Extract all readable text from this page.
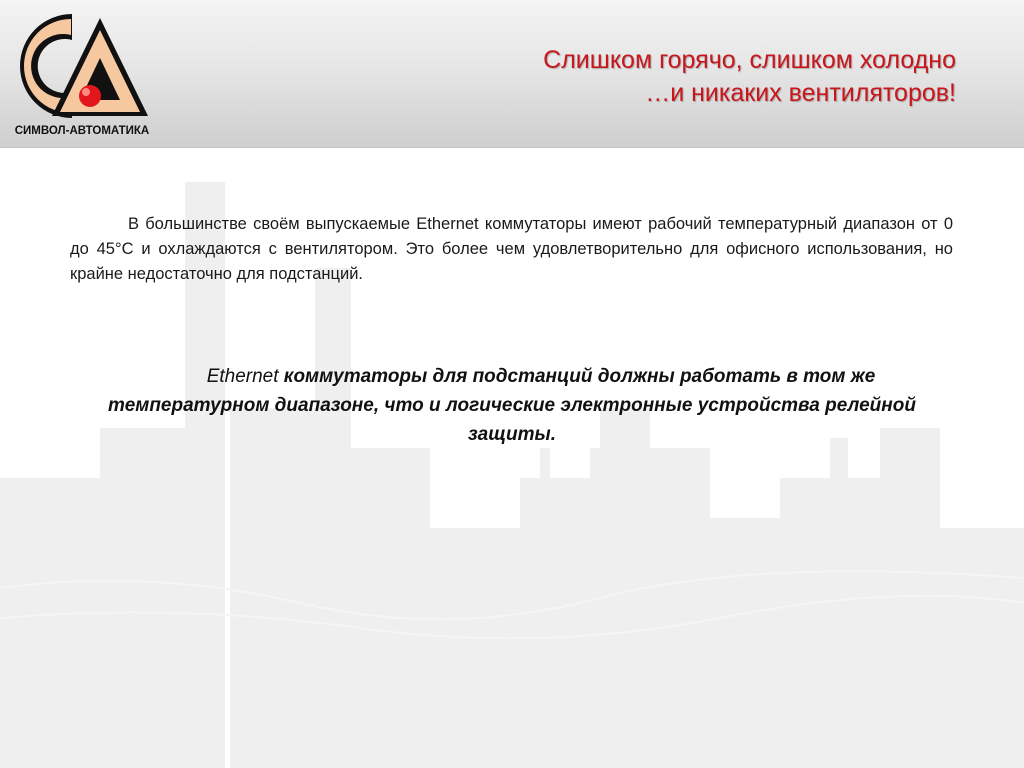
СИМВОЛ-АВТОМАТИКА
Слишком горячо, слишком холодно
…и никаких вентиляторов!
В большинстве своём выпускаемые Ethernet коммутаторы имеют рабочий температурный диапазон от 0 до 45°С и охлаждаются с вентилятором. Это более чем удовлетворительно для офисного использования, но крайне недостаточно для подстанций.
Ethernet коммутаторы для подстанций должны работать в том же температурном диапазоне, что и логические электронные устройства релейной защиты.
